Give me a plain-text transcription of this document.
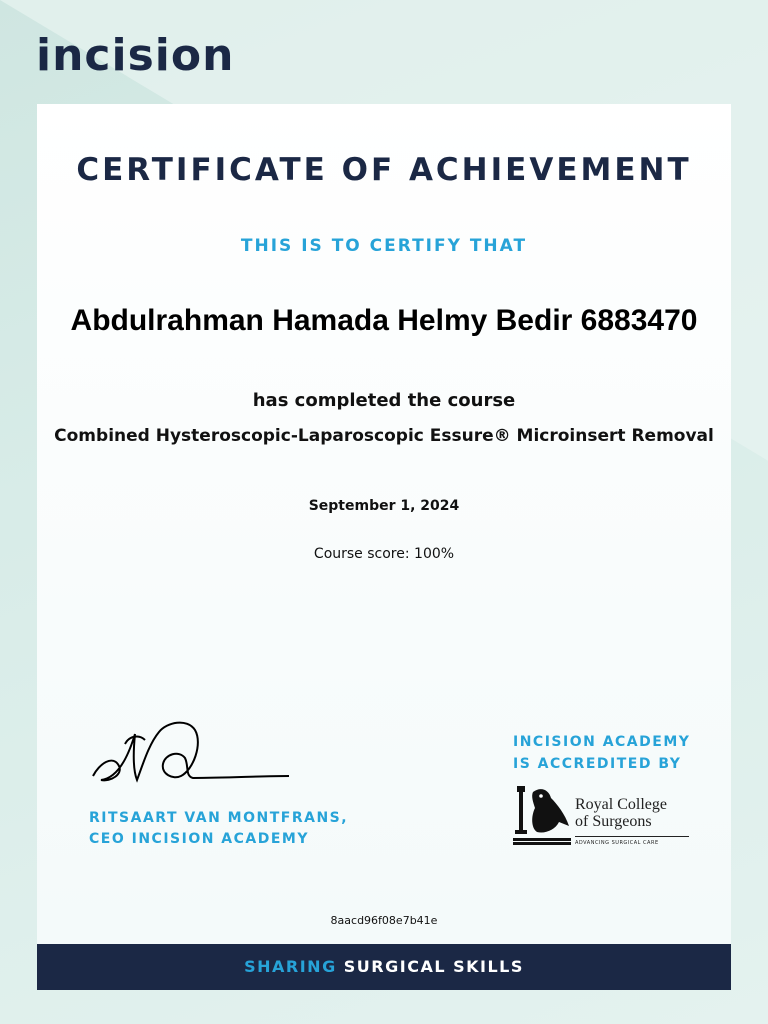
incision
CERTIFICATE OF ACHIEVEMENT
THIS IS TO CERTIFY THAT
Abdulrahman Hamada Helmy Bedir 6883470
has completed the course
Combined Hysteroscopic-Laparoscopic Essure® Microinsert Removal
September 1, 2024
Course score: 100%
RITSAART VAN MONTFRANS,
CEO INCISION ACADEMY
INCISION ACADEMY
IS ACCREDITED BY
Royal College
of Surgeons
ADVANCING SURGICAL CARE
8aacd96f08e7b41e
SHARING SURGICAL SKILLS
